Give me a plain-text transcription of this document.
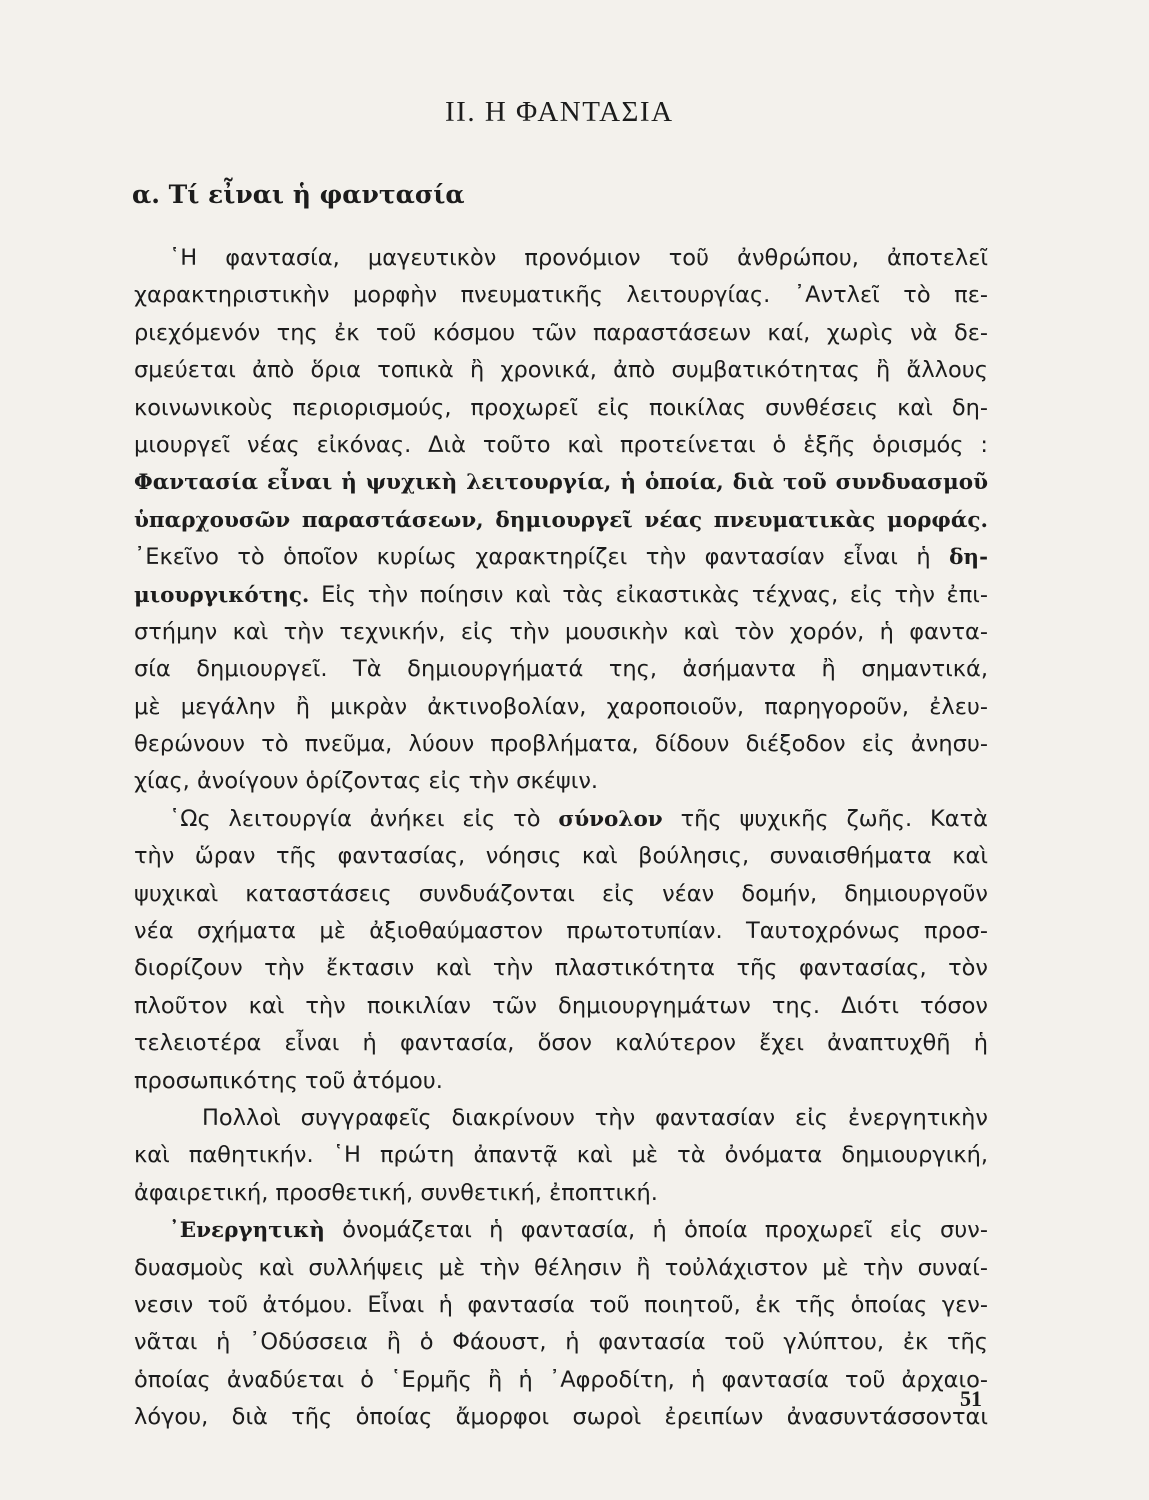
ΙΙ. Η ΦΑΝΤΑΣΙΑ
α. Τί εἶναι ἡ φαντασία
῾Η φαντασία, μαγευτικὸν προνόμιον τοῦ ἀνθρώπου, ἀποτελεῖ
χαρακτηριστικὴν μορφὴν πνευματικῆς λειτουργίας. ᾿Αντλεῖ τὸ πε-
ριεχόμενόν της ἐκ τοῦ κόσμου τῶν παραστάσεων καί, χωρὶς νὰ δε-
σμεύεται ἀπὸ ὅρια τοπικὰ ἢ χρονικά, ἀπὸ συμβατικότητας ἢ ἄλλους
κοινωνικοὺς περιορισμούς, προχωρεῖ εἰς ποικίλας συνθέσεις καὶ δη-
μιουργεῖ νέας εἰκόνας. Διὰ τοῦτο καὶ προτείνεται ὁ ἑξῆς ὁρισμός :
Φαντασία εἶναι ἡ ψυχικὴ λειτουργία, ἡ ὁποία, διὰ τοῦ συνδυασμοῦ
ὑπαρχουσῶν παραστάσεων, δημιουργεῖ νέας πνευματικὰς μορφάς.
᾿Εκεῖνο τὸ ὁποῖον κυρίως χαρακτηρίζει τὴν φαντασίαν εἶναι ἡ δη-
μιουργικότης. Εἰς τὴν ποίησιν καὶ τὰς εἰκαστικὰς τέχνας, εἰς τὴν ἐπι-
στήμην καὶ τὴν τεχνικήν, εἰς τὴν μουσικὴν καὶ τὸν χορόν, ἡ φαντα-
σία δημιουργεῖ. Τὰ δημιουργήματά της, ἀσήμαντα ἢ σημαντικά,
μὲ μεγάλην ἢ μικρὰν ἀκτινοβολίαν, χαροποιοῦν, παρηγοροῦν, ἐλευ-
θερώνουν τὸ πνεῦμα, λύουν προβλήματα, δίδουν διέξοδον εἰς ἀνησυ-
χίας, ἀνοίγουν ὁρίζοντας εἰς τὴν σκέψιν.
῾Ως λειτουργία ἀνήκει εἰς τὸ σύνολον τῆς ψυχικῆς ζωῆς. Κατὰ
τὴν ὥραν τῆς φαντασίας, νόησις καὶ βούλησις, συναισθήματα καὶ
ψυχικαὶ καταστάσεις συνδυάζονται εἰς νέαν δομήν, δημιουργοῦν
νέα σχήματα μὲ ἀξιοθαύμαστον πρωτοτυπίαν. Ταυτοχρόνως προσ-
διορίζουν τὴν ἔκτασιν καὶ τὴν πλαστικότητα τῆς φαντασίας, τὸν
πλοῦτον καὶ τὴν ποικιλίαν τῶν δημιουργημάτων της. Διότι τόσον
τελειοτέρα εἶναι ἡ φαντασία, ὅσον καλύτερον ἔχει ἀναπτυχθῆ ἡ
προσωπικότης τοῦ ἀτόμου.
Πολλοὶ συγγραφεῖς διακρίνουν τὴν φαντασίαν εἰς ἐνεργητικὴν
καὶ παθητικήν. ῾Η πρώτη ἀπαντᾷ καὶ μὲ τὰ ὀνόματα δημιουργική,
ἀφαιρετική, προσθετική, συνθετική, ἐποπτική.
᾿Ενεργητικὴ ὀνομάζεται ἡ φαντασία, ἡ ὁποία προχωρεῖ εἰς συν-
δυασμοὺς καὶ συλλήψεις μὲ τὴν θέλησιν ἢ τοὐλάχιστον μὲ τὴν συναί-
νεσιν τοῦ ἀτόμου. Εἶναι ἡ φαντασία τοῦ ποιητοῦ, ἐκ τῆς ὁποίας γεν-
νᾶται ἡ ᾿Οδύσσεια ἢ ὁ Φάουστ, ἡ φαντασία τοῦ γλύπτου, ἐκ τῆς
ὁποίας ἀναδύεται ὁ ῾Ερμῆς ἢ ἡ ᾿Αφροδίτη, ἡ φαντασία τοῦ ἀρχαιο-
λόγου, διὰ τῆς ὁποίας ἄμορφοι σωροὶ ἐρειπίων ἀνασυντάσσονται
51
